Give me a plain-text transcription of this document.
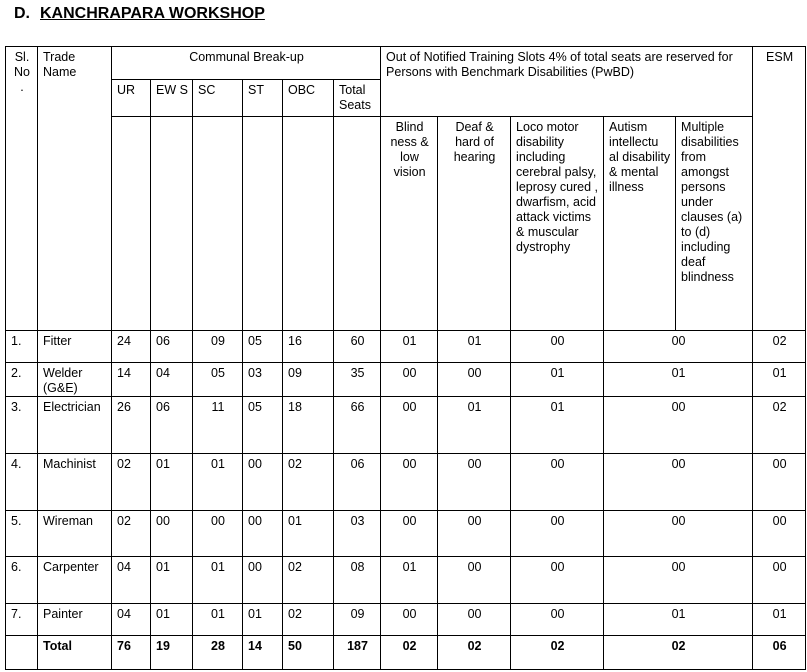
D. KANCHRAPARA WORKSHOP
Sl. No .	Trade Name	Communal Break-up						Out of Notified Training Slots 4% of total seats are reserved for Persons with Benchmark Disabilities (PwBD)					ESM
		UR	EW S	SC	ST	OBC	Total Seats						
								Blind ness & low vision	Deaf & hard of hearing	Loco motor disability including cerebral palsy, leprosy cured , dwarfism, acid attack victims & muscular dystrophy	Autism intellectu al disability & mental illness	Multiple disabilities from amongst persons under clauses (a) to (d) including deaf blindness	
1.	Fitter	24	06	09	05	16	60	01	01	00	00		02
2.	Welder (G&E)	14	04	05	03	09	35	00	00	01	01		01
3.	Electrician	26	06	11	05	18	66	00	01	01	00		02
4.	Machinist	02	01	01	00	02	06	00	00	00	00		00
5.	Wireman	02	00	00	00	01	03	00	00	00	00		00
6.	Carpenter	04	01	01	00	02	08	01	00	00	00		00
7.	Painter	04	01	01	01	02	09	00	00	00	01		01
	Total	76	19	28	14	50	187	02	02	02	02		06
